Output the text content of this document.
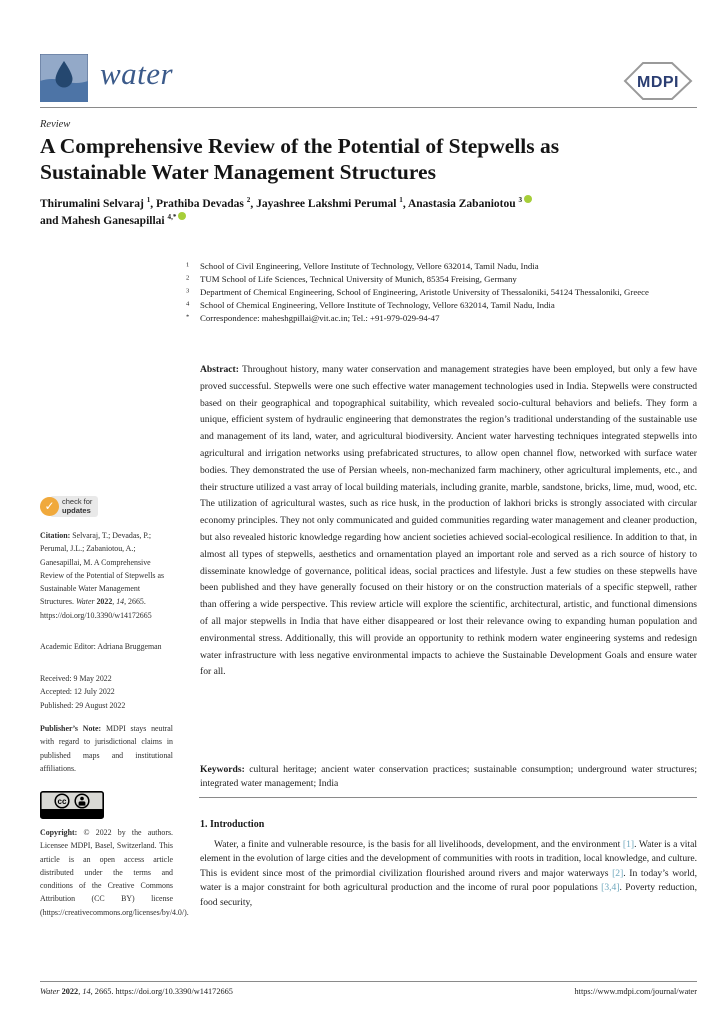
water	MDPI
Review
A Comprehensive Review of the Potential of Stepwells as
Sustainable Water Management Structures
Thirumalini Selvaraj $^1$, Prathiba Devadas $^2$, Jayashree Lakshmi Perumal $^1$, Anastasia Zabaniotou $^3$
and Mahesh Ganesapillai $^{4,*}$
1	School of Civil Engineering, Vellore Institute of Technology, Vellore 632014, Tamil Nadu, India
2	TUM School of Life Sciences, Technical University of Munich, 85354 Freising, Germany
3	Department of Chemical Engineering, School of Engineering, Aristotle University of Thessaloniki, 54124 Thessaloniki, Greece
4	School of Chemical Engineering, Vellore Institute of Technology, Vellore 632014, Tamil Nadu, India
*	Correspondence: maheshgpillai@vit.ac.in; Tel.: +91-979-029-94-47
Abstract: Throughout history, many water conservation and management strategies have been employed, but only a few have proved successful. Stepwells were one such effective water management technologies used in India. Stepwells were constructed based on their geographical and topographical suitability, which revealed socio-cultural behaviors and beliefs. They form a unique, efficient system of hydraulic engineering that demonstrates the region’s traditional understanding of the sustainable use and management of its land, water, and agricultural biodiversity. Ancient water harvesting techniques integrated stepwells into agricultural and irrigation networks using prefabricated structures, to allow open channel flow, networked with surface water bodies. They demonstrated the use of Persian wheels, non-mechanized farm machinery, other agricultural implements, etc., and their structure utilized a vast array of local building materials, including granite, marble, sandstone, bricks, lime, mud, wood, etc. The utilization of agricultural wastes, such as rice husk, in the production of lakhori bricks is strongly associated with circular economy principles. They not only communicated and guided communities regarding water management and cleaner production, but also revealed historic knowledge regarding how ancient societies achieved social-ecological resilience. In addition to that, in almost all types of stepwells, aesthetics and ornamentation played an important role and served as a rich source of history to disseminate knowledge of governance, political ideas, social practices and lifestyle. Just a few studies on these stepwells have been published and they have generally focused on their history or on the construction materials of a specific stepwell, rather than offering a wide perspective. This review article will explore the scientific, architectural, artistic, and functional dimensions of all major stepwells in India that have either disappeared or lost their relevance owing to expanding human population and environmental stress. Additionally, this will provide an opportunity to rethink modern water engineering systems and redesign water infrastructure with less negative environmental impacts to achieve the Sustainable Development Goals and ensure water for all.
Keywords: cultural heritage; ancient water conservation practices; sustainable consumption; underground water structures; integrated water management; India
1. Introduction
Water, a finite and vulnerable resource, is the basis for all livelihoods, development, and the environment [1]. Water is a vital element in the evolution of large cities and the development of communities with roots in tradition, local knowledge, and culture. This is evident since most of the primordial civilization flourished around rivers and major waterways [2]. In today’s world, water is a major constraint for both agricultural production and the income of rural poor populations [3,4]. Poverty reduction, food security,
✓ check for
updates
Citation: Selvaraj, T.; Devadas, P.; Perumal, J.L.; Zabaniotou, A.; Ganesapillai, M. A Comprehensive Review of the Potential of Stepwells as Sustainable Water Management Structures. Water 2022, 14, 2665. https://doi.org/10.3390/w14172665
Academic Editor: Adriana Bruggeman
Received: 9 May 2022
Accepted: 12 July 2022
Published: 29 August 2022
Publisher’s Note: MDPI stays neutral with regard to jurisdictional claims in published maps and institutional affiliations.
cc
Copyright: © 2022 by the authors. Licensee MDPI, Basel, Switzerland. This article is an open access article distributed under the terms and conditions of the Creative Commons Attribution (CC BY) license (https://creativecommons.org/licenses/by/4.0/).
Water 2022, 14, 2665. https://doi.org/10.3390/w14172665	https://www.mdpi.com/journal/water
